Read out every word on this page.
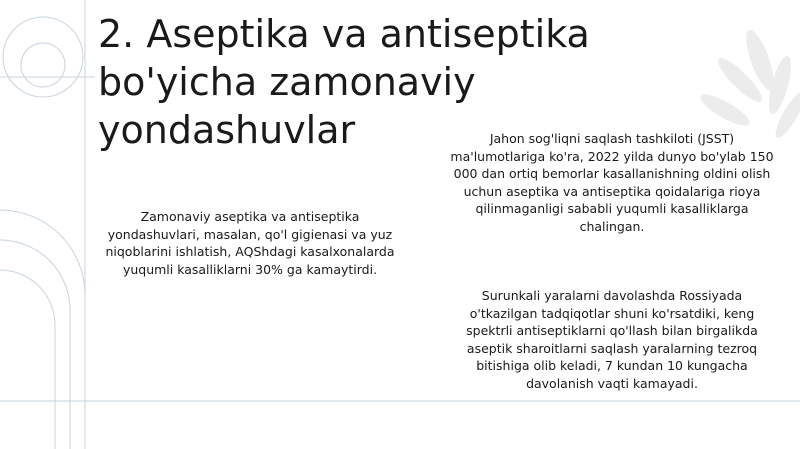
2. Aseptika va antiseptika bo'yicha zamonaviy yondashuvlar

Zamonaviy aseptika va antiseptika yondashuvlari, masalan, qo'l gigienasi va yuz niqoblarini ishlatish, AQShdagi kasalxonalarda yuqumli kasalliklarni 30% ga kamaytirdi.

Jahon sog'liqni saqlash tashkiloti (JSST) ma'lumotlariga ko'ra, 2022 yilda dunyo bo'ylab 150 000 dan ortiq bemorlar kasallanishning oldini olish uchun aseptika va antiseptika qoidalariga rioya qilinmaganligi sababli yuqumli kasalliklarga chalingan.

Surunkali yaralarni davolashda Rossiyada o'tkazilgan tadqiqotlar shuni ko'rsatdiki, keng spektrli antiseptiklarni qo'llash bilan birgalikda aseptik sharoitlarni saqlash yaralarning tezroq bitishiga olib keladi, 7 kundan 10 kungacha davolanish vaqti kamayadi.
